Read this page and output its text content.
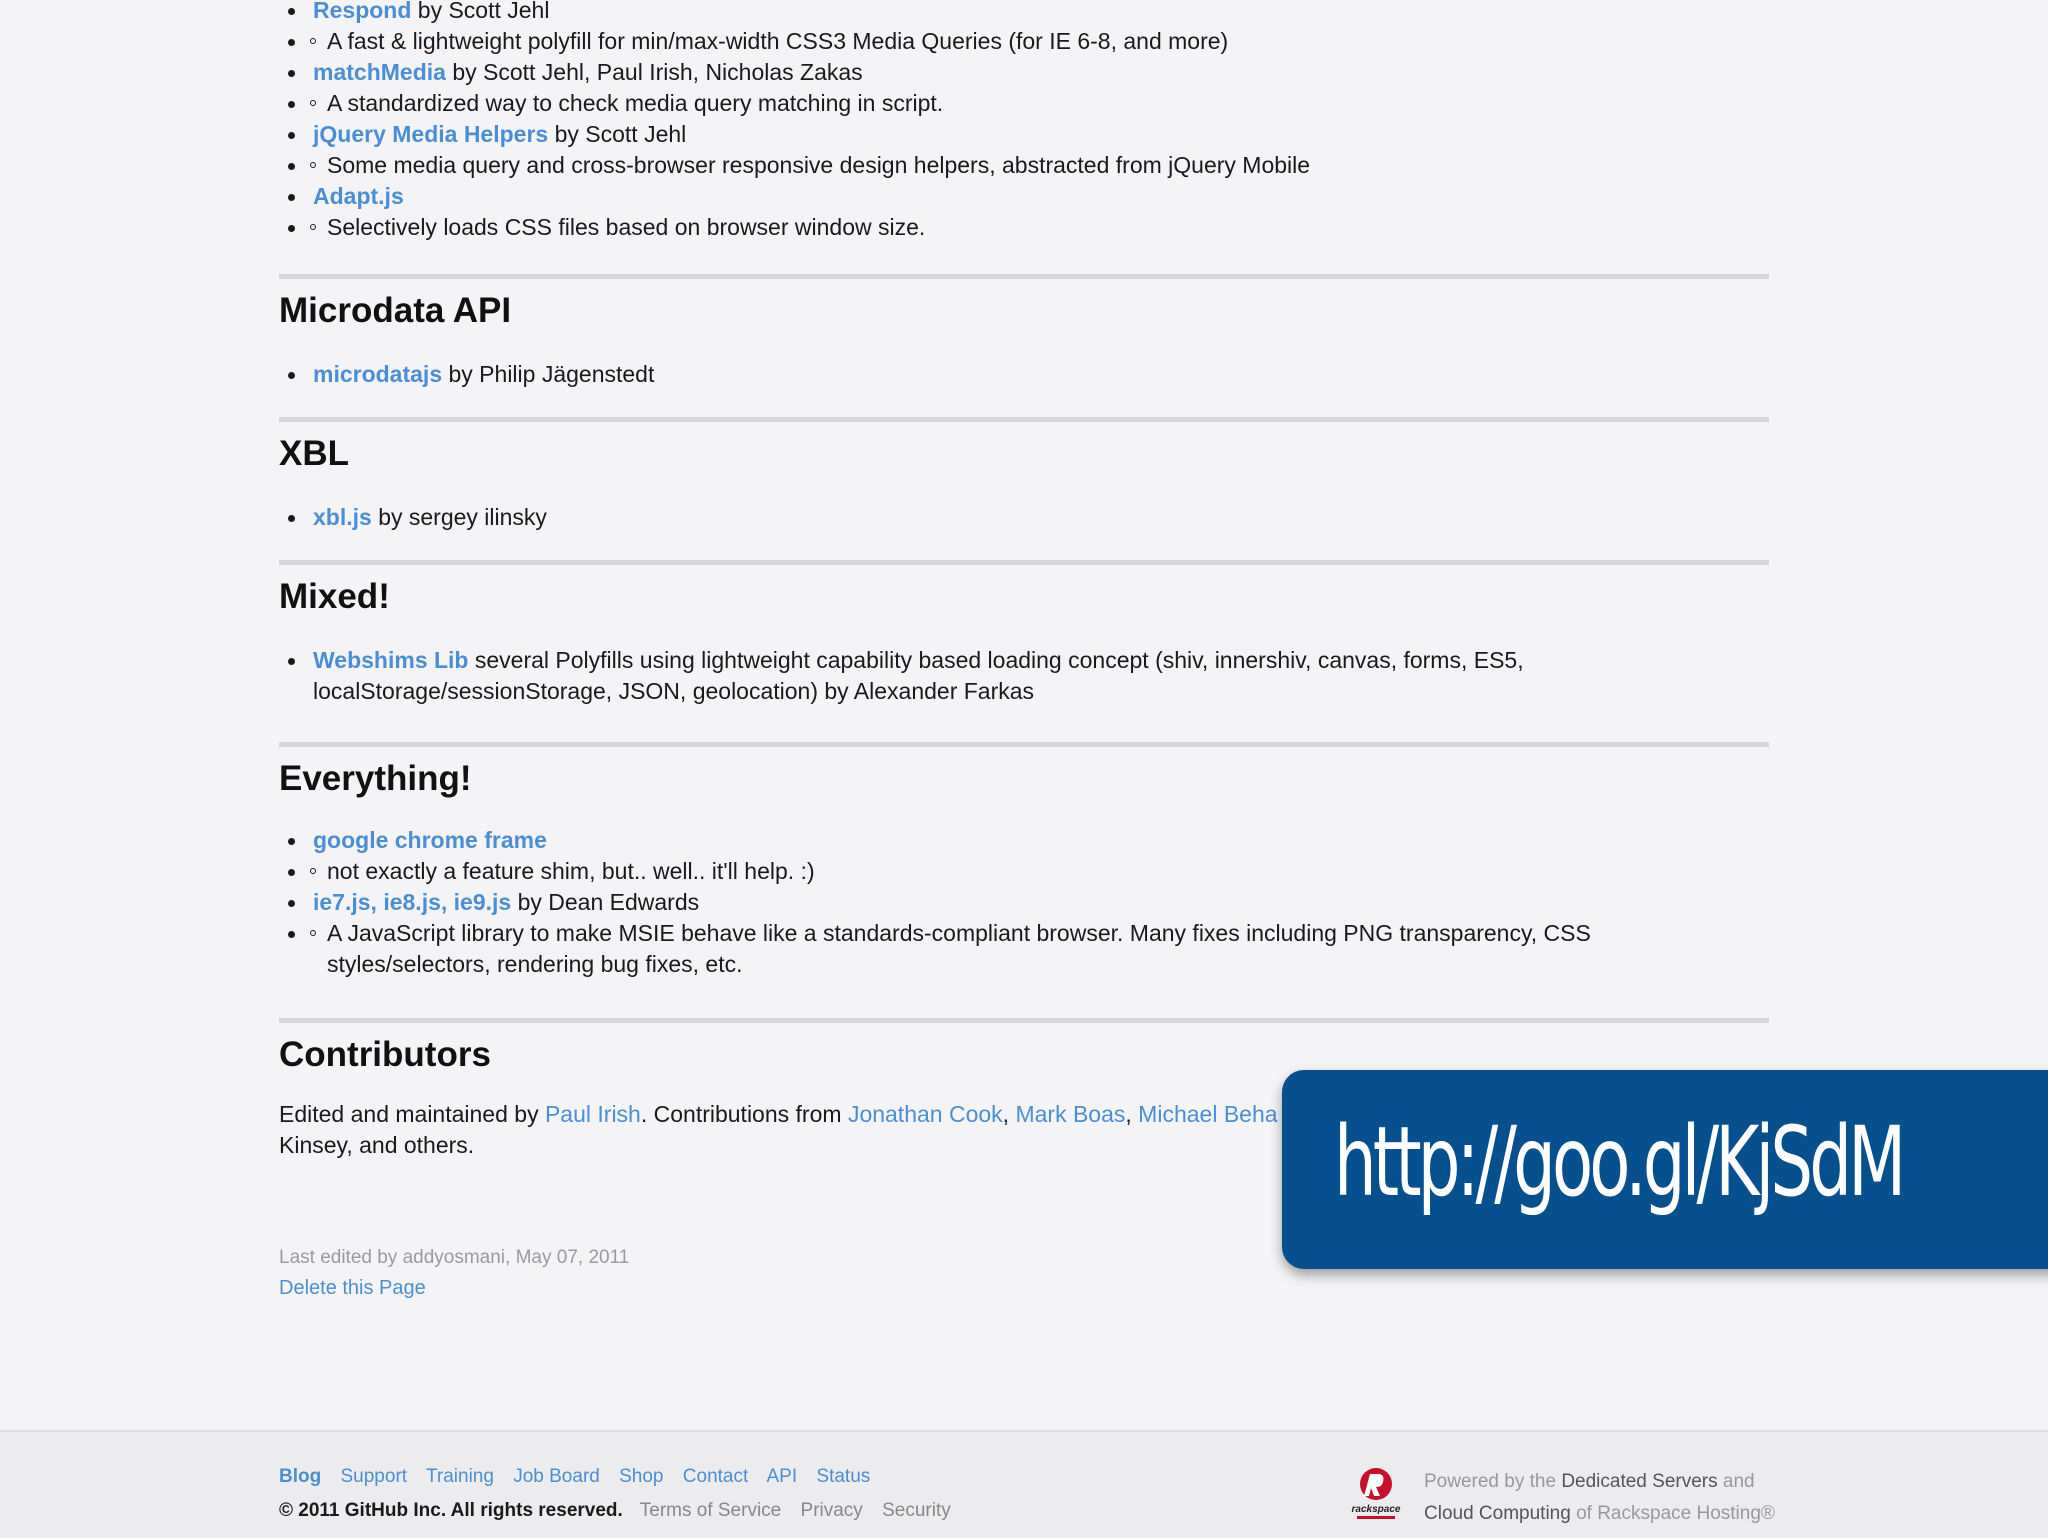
Respond by Scott Jehl
A fast & lightweight polyfill for min/max-width CSS3 Media Queries (for IE 6-8, and more)
matchMedia by Scott Jehl, Paul Irish, Nicholas Zakas
A standardized way to check media query matching in script.
jQuery Media Helpers by Scott Jehl
Some media query and cross-browser responsive design helpers, abstracted from jQuery Mobile
Adapt.js
Selectively loads CSS files based on browser window size.
Microdata API
microdatajs by Philip Jägenstedt
XBL
xbl.js by sergey ilinsky
Mixed!
Webshims Lib several Polyfills using lightweight capability based loading concept (shiv, innershiv, canvas, forms, ES5,
localStorage/sessionStorage, JSON, geolocation) by Alexander Farkas
Everything!
google chrome frame
not exactly a feature shim, but.. well.. it'll help. :)
ie7.js, ie8.js, ie9.js by Dean Edwards
A JavaScript library to make MSIE behave like a standards-compliant browser. Many fixes including PNG transparency, CSS
styles/selectors, rendering bug fixes, etc.
Contributors
Edited and maintained by Paul Irish. Contributions from Jonathan Cook, Mark Boas, Michael Beha
Kinsey, and others.
Last edited by addyosmani, May 07, 2011
Delete this Page
Blog Support Training Job Board Shop Contact API Status
© 2011 GitHub Inc. All rights reserved. Terms of Service Privacy Security	rackspace
Powered by the Dedicated Servers and
Cloud Computing of Rackspace Hosting®
http://goo.gl/KjSdM
